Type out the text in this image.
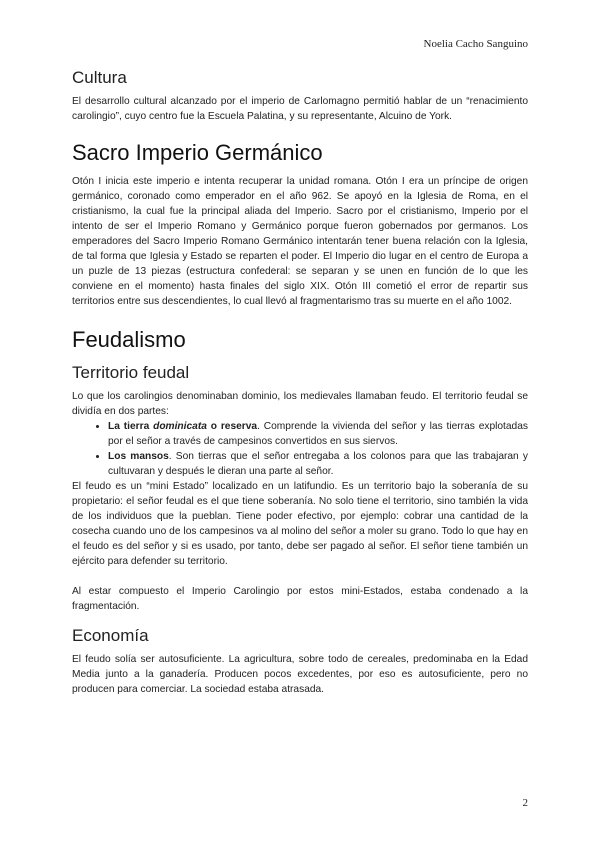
Noelia Cacho Sanguino
Cultura

El desarrollo cultural alcanzado por el imperio de Carlomagno permitió hablar de un “renacimiento carolingio”, cuyo centro fue la Escuela Palatina, y su representante, Alcuino de York.

Sacro Imperio Germánico

Otón I inicia este imperio e intenta recuperar la unidad romana. Otón I era un príncipe de origen germánico, coronado como emperador en el año 962. Se apoyó en la Iglesia de Roma, en el cristianismo, la cual fue la principal aliada del Imperio. Sacro por el cristianismo, Imperio por el intento de ser el Imperio Romano y Germánico porque fueron gobernados por germanos. Los emperadores del Sacro Imperio Romano Germánico intentarán tener buena relación con la Iglesia, de tal forma que Iglesia y Estado se reparten el poder. El Imperio dio lugar en el centro de Europa a un puzle de 13 piezas (estructura confederal: se separan y se unen en función de lo que les conviene en el momento) hasta finales del siglo XIX. Otón III cometió el error de repartir sus territorios entre sus descendientes, lo cual llevó al fragmentarismo tras su muerte en el año 1002.

Feudalismo
Territorio feudal

Lo que los carolingios denominaban dominio, los medievales llamaban feudo. El territorio feudal se dividía en dos partes:

• La tierra dominicata o reserva. Comprende la vivienda del señor y las tierras explotadas por el señor a través de campesinos convertidos en sus siervos.
• Los mansos. Son tierras que el señor entregaba a los colonos para que las trabajaran y cultuvaran y después le dieran una parte al señor.

El feudo es un “mini Estado” localizado en un latifundio. Es un territorio bajo la soberanía de su propietario: el señor feudal es el que tiene soberanía. No solo tiene el territorio, sino también la vida de los individuos que la pueblan. Tiene poder efectivo, por ejemplo: cobrar una cantidad de la cosecha cuando uno de los campesinos va al molino del señor a moler su grano. Todo lo que hay en el feudo es del señor y si es usado, por tanto, debe ser pagado al señor. El señor tiene también un ejército para defender su territorio.

Al estar compuesto el Imperio Carolingio por estos mini-Estados, estaba condenado a la fragmentación.

Economía

El feudo solía ser autosuficiente. La agricultura, sobre todo de cereales, predominaba en la Edad Media junto a la ganadería. Producen pocos excedentes, por eso es autosuficiente, pero no producen para comerciar. La sociedad estaba atrasada.

2
